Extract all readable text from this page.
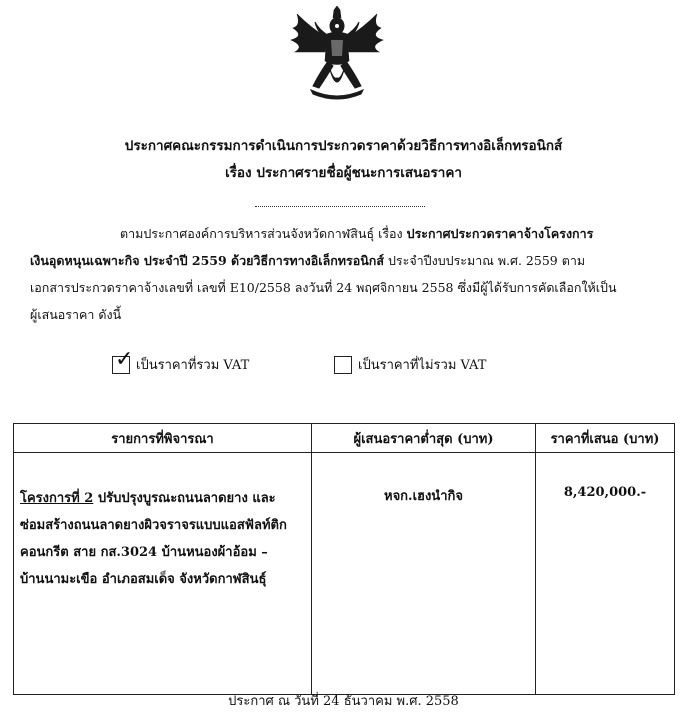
ประกาศคณะกรรมการดำเนินการประกวดราคาด้วยวิธีการทางอิเล็กทรอนิกส์
เรื่อง ประกาศรายชื่อผู้ชนะการเสนอราคา
ตามประกาศองค์การบริหารส่วนจังหวัดกาฬสินธุ์ เรื่อง ประกาศประกวดราคาจ้างโครงการ
เงินอุดหนุนเฉพาะกิจ ประจำปี 2559 ด้วยวิธีการทางอิเล็กทรอนิกส์ ประจำปีงบประมาณ พ.ศ. 2559 ตาม
เอกสารประกวดราคาจ้างเลขที่ เลขที่ E10/2558 ลงวันที่ 24 พฤศจิกายน 2558 ซึ่งมีผู้ได้รับการคัดเลือกให้เป็น
ผู้เสนอราคา ดังนี้
✓ เป็นราคาที่รวม VAT	เป็นราคาที่ไม่รวม VAT
รายการที่พิจารณา	ผู้เสนอราคาต่ำสุด (บาท)	ราคาที่เสนอ (บาท)

โครงการที่ 2 ปรับปรุงบูรณะถนนลาดยาง และ
ซ่อมสร้างถนนลาดยางผิวจราจรแบบแอสฟัลท์ติก
คอนกรีต สาย กส.3024 บ้านหนองผ้าอ้อม –
บ้านนามะเขือ อำเภอสมเด็จ จังหวัดกาฬสินธุ์	หจก.เฮงนำกิจ	8,420,000.-
ประกาศ ณ วันที่ 24 ธันวาคม พ.ศ. 2558
